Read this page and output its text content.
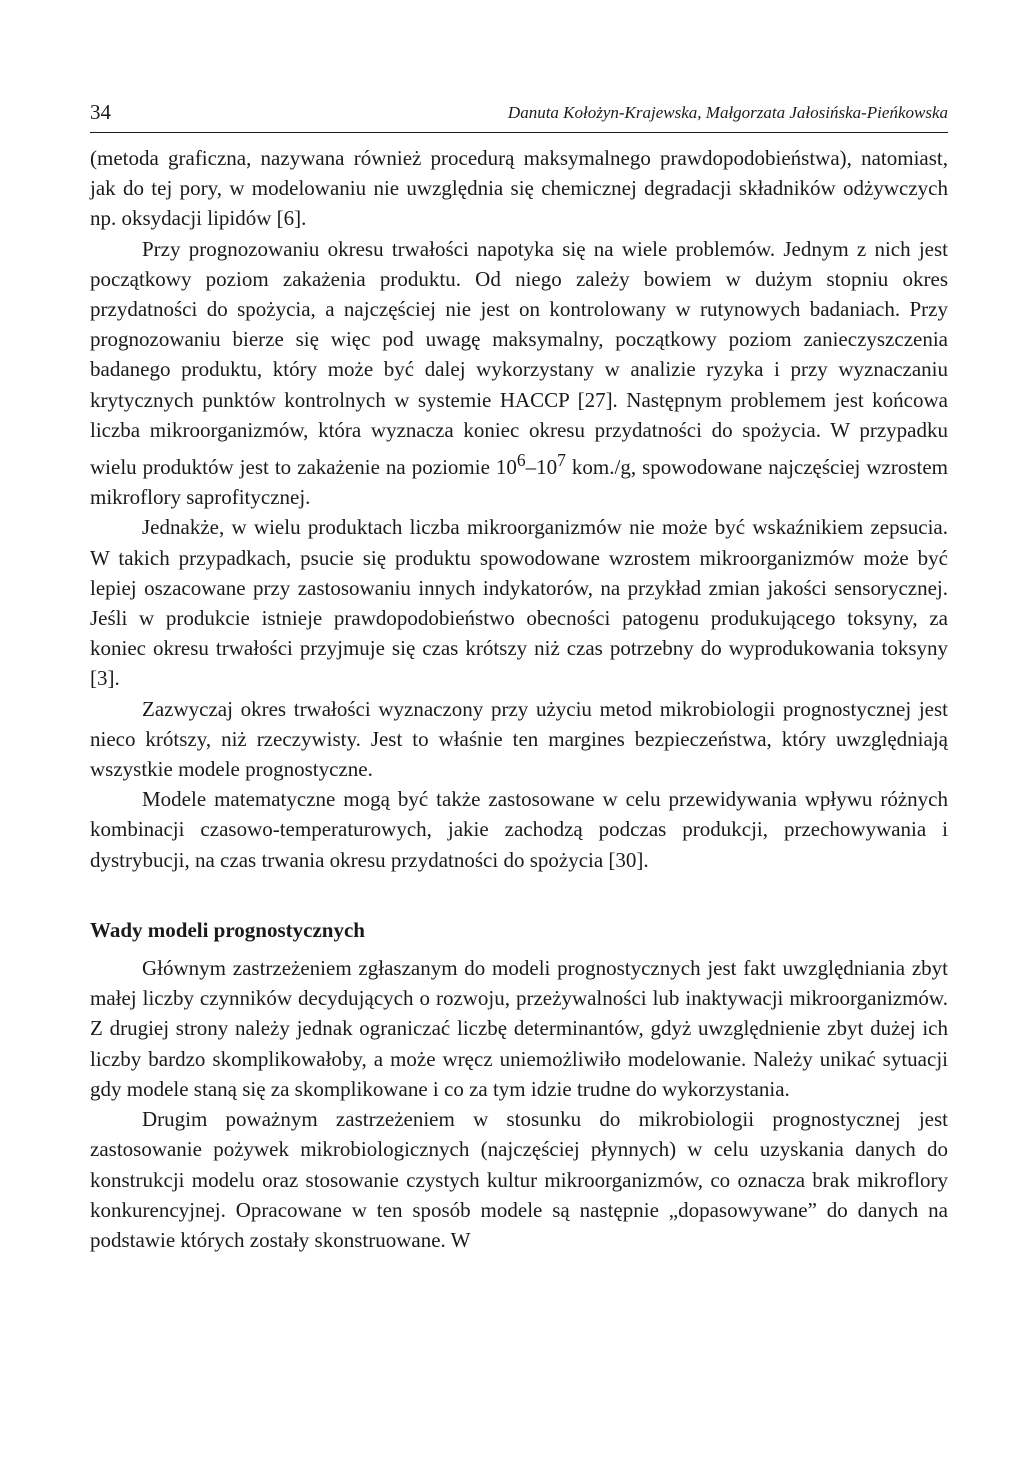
34	Danuta Kołożyn-Krajewska, Małgorzata Jałosińska-Pieńkowska

(metoda graficzna, nazywana również procedurą maksymalnego prawdopodobieństwa), natomiast, jak do tej pory, w modelowaniu nie uwzględnia się chemicznej degradacji składników odżywczych np. oksydacji lipidów [6].

Przy prognozowaniu okresu trwałości napotyka się na wiele problemów. Jednym z nich jest początkowy poziom zakażenia produktu. Od niego zależy bowiem w dużym stopniu okres przydatności do spożycia, a najczęściej nie jest on kontrolowany w rutynowych badaniach. Przy prognozowaniu bierze się więc pod uwagę maksymalny, początkowy poziom zanieczyszczenia badanego produktu, który może być dalej wykorzystany w analizie ryzyka i przy wyznaczaniu krytycznych punktów kontrolnych w systemie HACCP [27]. Następnym problemem jest końcowa liczba mikroorganizmów, która wyznacza koniec okresu przydatności do spożycia. W przypadku wielu produktów jest to zakażenie na poziomie $10^6-10^7$ kom./g, spowodowane najczęściej wzrostem mikroflory saprofitycznej.

Jednakże, w wielu produktach liczba mikroorganizmów nie może być wskaźnikiem zepsucia. W takich przypadkach, psucie się produktu spowodowane wzrostem mikroorganizmów może być lepiej oszacowane przy zastosowaniu innych indykatorów, na przykład zmian jakości sensorycznej. Jeśli w produkcie istnieje prawdopodobieństwo obecności patogenu produkującego toksyny, za koniec okresu trwałości przyjmuje się czas krótszy niż czas potrzebny do wyprodukowania toksyny [3].

Zazwyczaj okres trwałości wyznaczony przy użyciu metod mikrobiologii prognostycznej jest nieco krótszy, niż rzeczywisty. Jest to właśnie ten margines bezpieczeństwa, który uwzględniają wszystkie modele prognostyczne.

Modele matematyczne mogą być także zastosowane w celu przewidywania wpływu różnych kombinacji czasowo-temperaturowych, jakie zachodzą podczas produkcji, przechowywania i dystrybucji, na czas trwania okresu przydatności do spożycia [30].

Wady modeli prognostycznych

Głównym zastrzeżeniem zgłaszanym do modeli prognostycznych jest fakt uwzględniania zbyt małej liczby czynników decydujących o rozwoju, przeżywalności lub inaktywacji mikroorganizmów. Z drugiej strony należy jednak ograniczać liczbę determinantów, gdyż uwzględnienie zbyt dużej ich liczby bardzo skomplikowałoby, a może wręcz uniemożliwiło modelowanie. Należy unikać sytuacji gdy modele staną się za skomplikowane i co za tym idzie trudne do wykorzystania.

Drugim poważnym zastrzeżeniem w stosunku do mikrobiologii prognostycznej jest zastosowanie pożywek mikrobiologicznych (najczęściej płynnych) w celu uzyskania danych do konstrukcji modelu oraz stosowanie czystych kultur mikroorganizmów, co oznacza brak mikroflory konkurencyjnej. Opracowane w ten sposób modele są następnie „dopasowywane” do danych na podstawie których zostały skonstruowane. W
